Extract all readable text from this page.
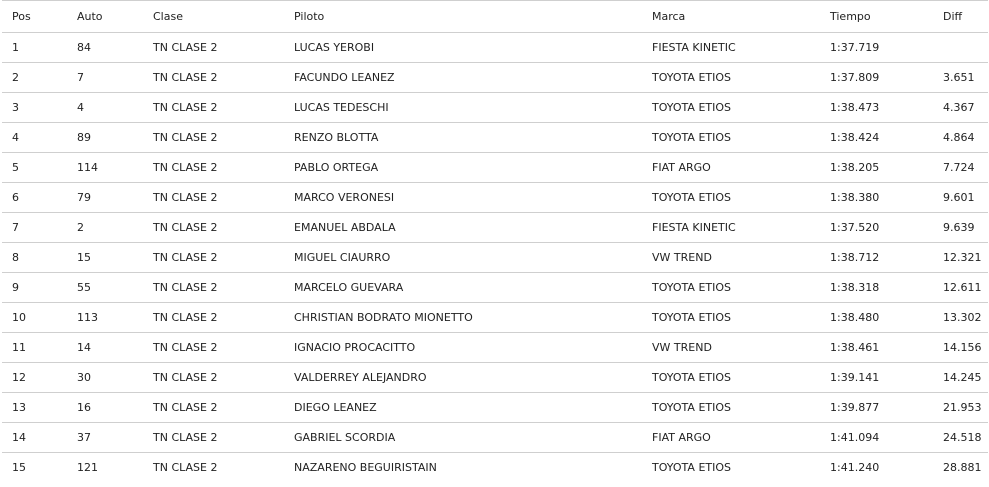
Pos	Auto	Clase	Piloto	Marca	Tiempo	Diff
1	84	TN CLASE 2	LUCAS YEROBI	FIESTA KINETIC	1:37.719	
2	7	TN CLASE 2	FACUNDO LEANEZ	TOYOTA ETIOS	1:37.809	3.651
3	4	TN CLASE 2	LUCAS TEDESCHI	TOYOTA ETIOS	1:38.473	4.367
4	89	TN CLASE 2	RENZO BLOTTA	TOYOTA ETIOS	1:38.424	4.864
5	114	TN CLASE 2	PABLO ORTEGA	FIAT ARGO	1:38.205	7.724
6	79	TN CLASE 2	MARCO VERONESI	TOYOTA ETIOS	1:38.380	9.601
7	2	TN CLASE 2	EMANUEL ABDALA	FIESTA KINETIC	1:37.520	9.639
8	15	TN CLASE 2	MIGUEL CIAURRO	VW TREND	1:38.712	12.321
9	55	TN CLASE 2	MARCELO GUEVARA	TOYOTA ETIOS	1:38.318	12.611
10	113	TN CLASE 2	CHRISTIAN BODRATO MIONETTO	TOYOTA ETIOS	1:38.480	13.302
11	14	TN CLASE 2	IGNACIO PROCACITTO	VW TREND	1:38.461	14.156
12	30	TN CLASE 2	VALDERREY ALEJANDRO	TOYOTA ETIOS	1:39.141	14.245
13	16	TN CLASE 2	DIEGO LEANEZ	TOYOTA ETIOS	1:39.877	21.953
14	37	TN CLASE 2	GABRIEL SCORDIA	FIAT ARGO	1:41.094	24.518
15	121	TN CLASE 2	NAZARENO BEGUIRISTAIN	TOYOTA ETIOS	1:41.240	28.881
